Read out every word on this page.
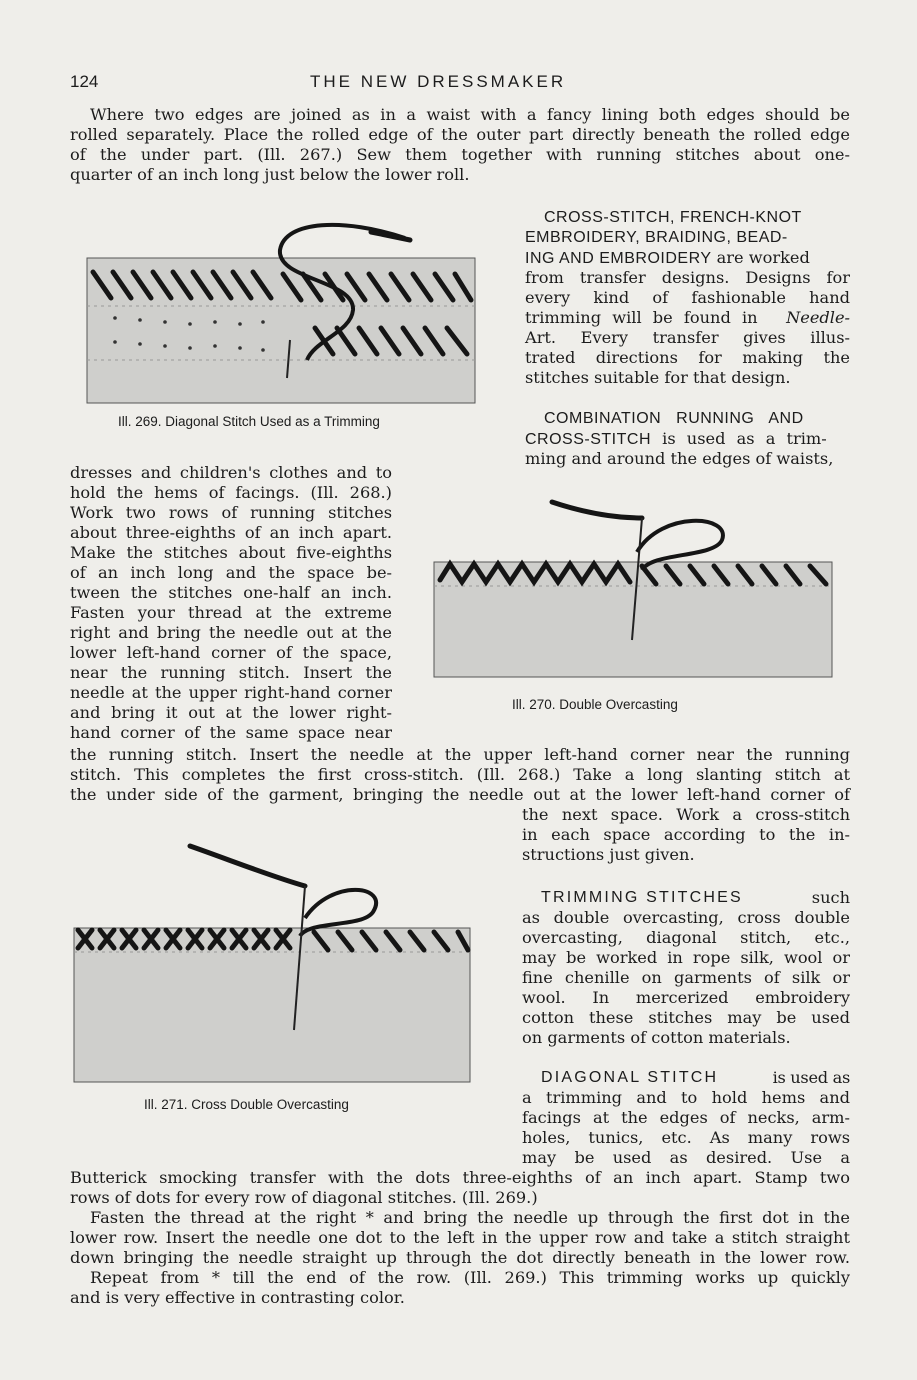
124	THE NEW DRESSMAKER
Where two edges are joined as in a waist with a fancy lining both edges should be
rolled separately. Place the rolled edge of the outer part directly beneath the rolled edge
of the under part. (Ill. 267.) Sew them together with running stitches about one-
quarter of an inch long just below the lower roll.
Ill. 269. Diagonal Stitch Used as a Trimming
CROSS-STITCH, FRENCH-KNOT
EMBROIDERY, BRAIDING, BEAD-
ING AND EMBROIDERY are worked
from transfer designs. Designs for
every kind of fashionable hand
trimming will be found in Needle-
Art. Every transfer gives illus-
trated directions for making the
stitches suitable for that design.
COMBINATION RUNNING AND
CROSS-STITCH is used as a trim-
ming and around the edges of waists,
dresses and children's clothes and to
hold the hems of facings. (Ill. 268.)
Work two rows of running stitches
about three-eighths of an inch apart.
Make the stitches about five-eighths
of an inch long and the space be-
tween the stitches one-half an inch.
Fasten your thread at the extreme
right and bring the needle out at the
lower left-hand corner of the space,
near the running stitch. Insert the
needle at the upper right-hand corner
and bring it out at the lower right-
hand corner of the same space near
Ill. 270. Double Overcasting
the running stitch. Insert the needle at the upper left-hand corner near the running
stitch. This completes the first cross-stitch. (Ill. 268.) Take a long slanting stitch at
the under side of the garment, bringing the needle out at the lower left-hand corner of
the next space. Work a cross-stitch
in each space according to the in-
structions just given.
Ill. 271. Cross Double Overcasting
TRIMMING STITCHES	such
as double overcasting, cross double
overcasting, diagonal stitch, etc.,
may be worked in rope silk, wool or
fine chenille on garments of silk or
wool. In mercerized embroidery
cotton these stitches may be used
on garments of cotton materials.
DIAGONAL STITCH	is used as
a trimming and to hold hems and
facings at the edges of necks, arm-
holes, tunics, etc. As many rows
may be used as desired. Use a
Butterick smocking transfer with the dots three-eighths of an inch apart. Stamp two
rows of dots for every row of diagonal stitches. (Ill. 269.)
Fasten the thread at the right * and bring the needle up through the first dot in the
lower row. Insert the needle one dot to the left in the upper row and take a stitch straight
down bringing the needle straight up through the dot directly beneath in the lower row.
Repeat from * till the end of the row. (Ill. 269.) This trimming works up quickly
and is very effective in contrasting color.
